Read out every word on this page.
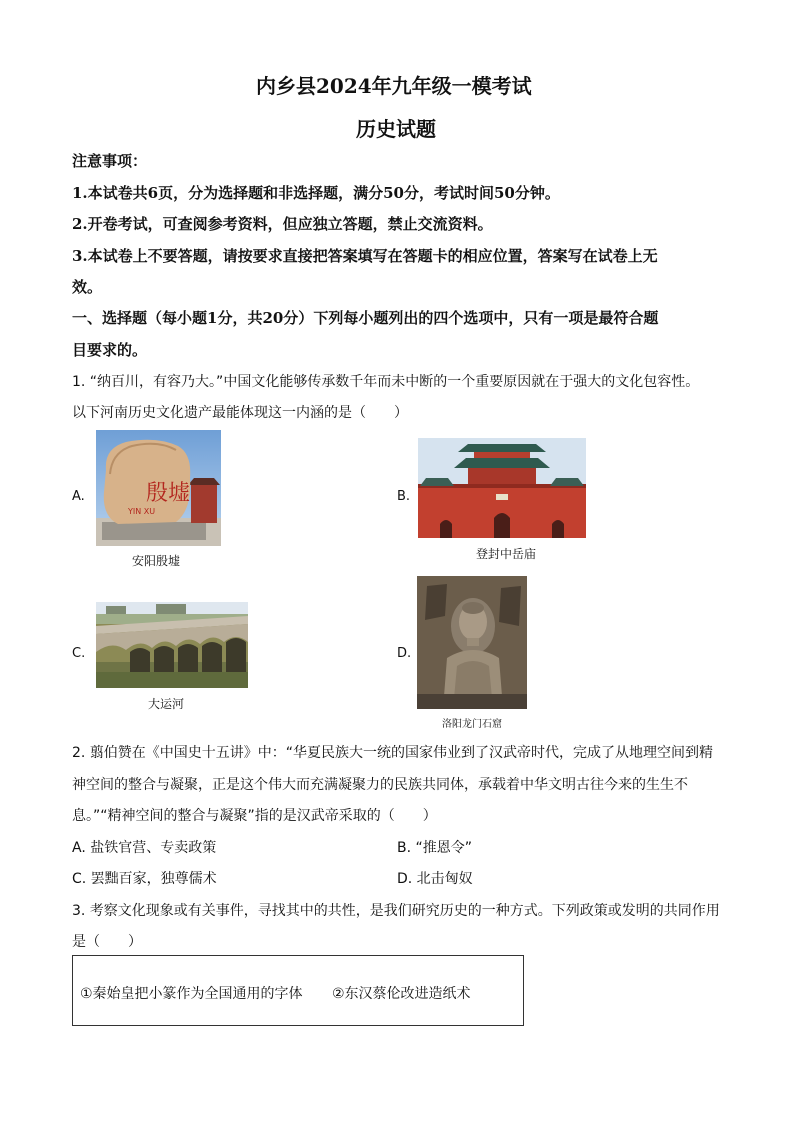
内乡县2024年九年级一模考试
历史试题
注意事项：
1.本试卷共6页，分为选择题和非选择题，满分50分，考试时间50分钟。
2.开卷考试，可查阅参考资料，但应独立答题，禁止交流资料。
3.本试卷上不要答题，请按要求直接把答案填写在答题卡的相应位置，答案写在试卷上无
效。
一、选择题（每小题1分，共20分）下列每小题列出的四个选项中，只有一项是最符合题
目要求的。
1. “纳百川，有容乃大。”中国文化能够传承数千年而未中断的一个重要原因就在于强大的文化包容性。
以下河南历史文化遗产最能体现这一内涵的是（　　）
A.	殷墟
YIN XU
安阳殷墟
B.
登封中岳庙
C.
大运河
D.
洛阳龙门石窟
2. 翦伯赞在《中国史十五讲》中：“华夏民族大一统的国家伟业到了汉武帝时代，完成了从地理空间到精
神空间的整合与凝聚，正是这个伟大而充满凝聚力的民族共同体，承载着中华文明古往今来的生生不
息。”“精神空间的整合与凝聚”指的是汉武帝采取的（　　）
A. 盐铁官营、专卖政策	B. “推恩令”
C. 罢黜百家，独尊儒术	D. 北击匈奴
3. 考察文化现象或有关事件，寻找其中的共性，是我们研究历史的一种方式。下列政策或发明的共同作用
是（　　）
①秦始皇把小篆作为全国通用的字体 ②东汉蔡伦改进造纸术
